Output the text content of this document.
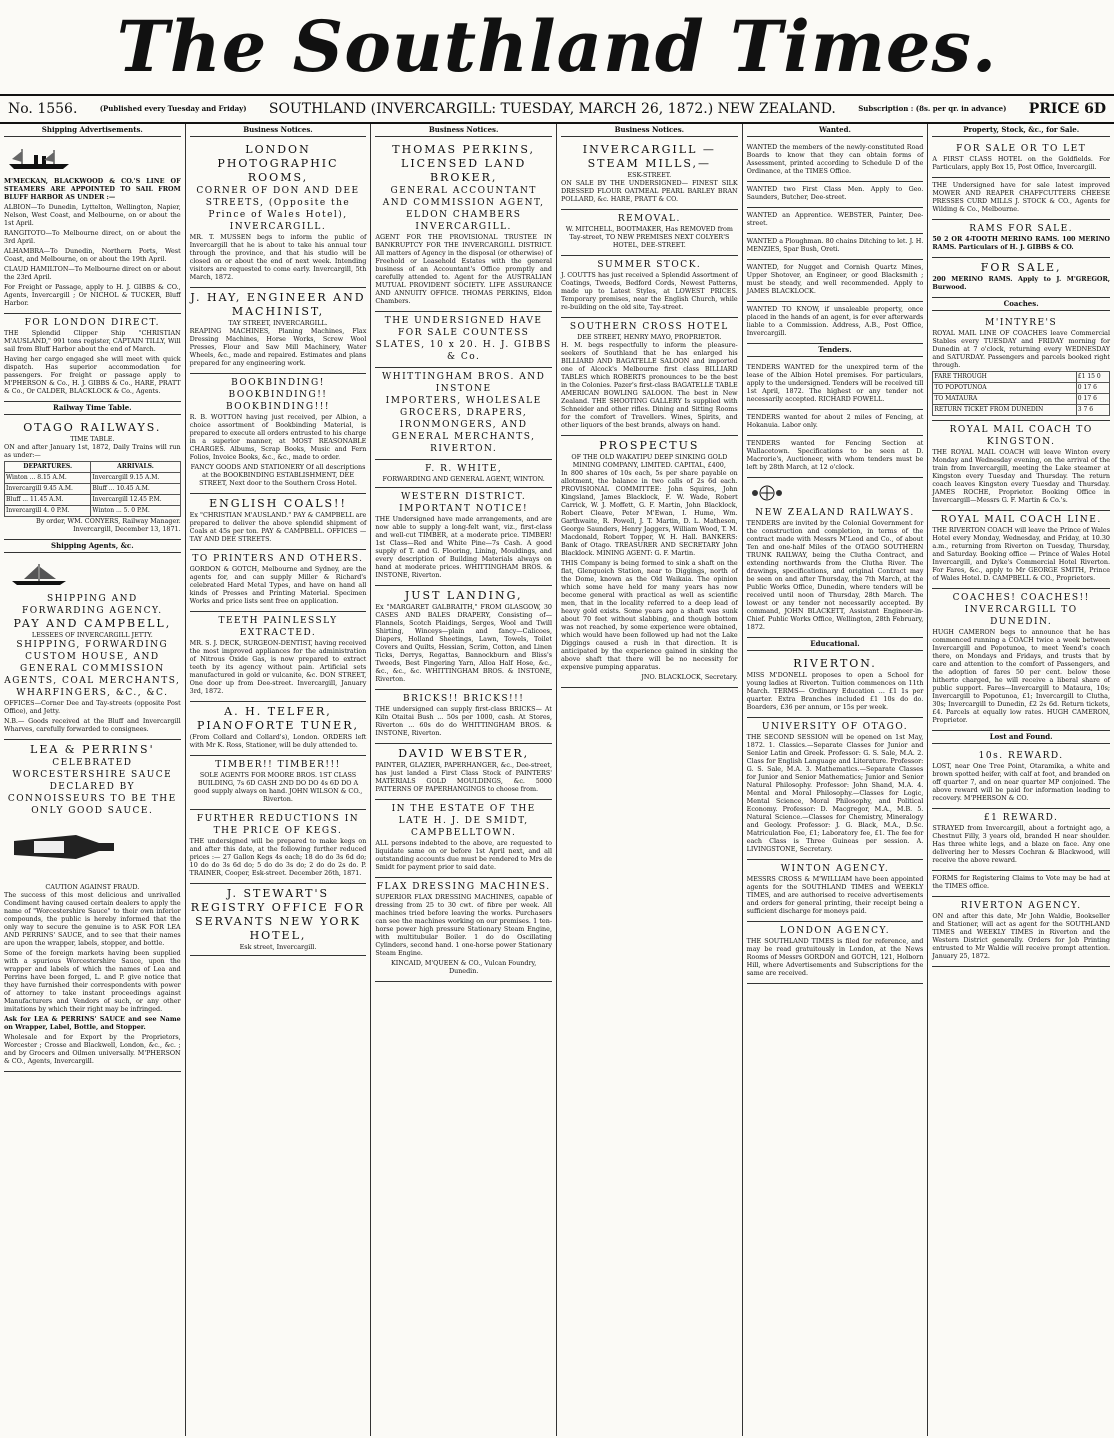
The Southland Times.
No. 1556.	(Published every Tuesday and Friday) SOUTHLAND (INVERCARGILL: TUESDAY, MARCH 26, 1872.) NEW ZEALAND.	Subscription : (8s. per qr. in advance) PRICE 6D
Shipping Advertisements.

M'MECKAN, BLACKWOOD & CO.'S LINE OF STEAMERS ARE APPOINTED TO SAIL FROM BLUFF HARBOR AS UNDER :—

ALBION—To Dunedin, Lyttelton, Wellington, Napier, Nelson, West Coast, and Melbourne, on or about the 1st April.

RANGITOTO—To Melbourne direct, on or about the 3rd April.

ALHAMBRA—To Dunedin, Northern Ports, West Coast, and Melbourne, on or about the 19th April.

CLAUD HAMILTON—To Melbourne direct on or about the 23rd April.

For Freight or Passage, apply to H. J. GIBBS & CO., Agents, Invercargill ; Or NICHOL & TUCKER, Bluff Harbor.

FOR LONDON DIRECT.

THE Splendid Clipper Ship "CHRISTIAN M'AUSLAND," 991 tons register, CAPTAIN TILLY, Will sail from Bluff Harbor about the end of March.

Having her cargo engaged she will meet with quick dispatch. Has superior accommodation for passengers. For freight or passage apply to M'PHERSON & Co., H. J. GIBBS & Co., HARE, PRATT & Co., Or CALDER, BLACKLOCK & Co., Agents.

Railway Time Table.
OTAGO RAILWAYS.
TIME TABLE.

ON and after January 1st, 1872, Daily Trains will run as under:—

DEPARTURES.	ARRIVALS.
Winton ... 8.15 A.M.	Invercargill 9.15 A.M.
Invercargill 9.45 A.M.	Bluff ... 10.45 A.M.
Bluff ... 11.45 A.M.	Invercargill 12.45 P.M.
Invercargill 4. 0 P.M.	Winton ... 5. 0 P.M.

By order, WM. CONYERS, Railway Manager. Invercargill, December 13, 1871.

Shipping Agents, &c.
SHIPPING AND FORWARDING AGENCY.
PAY AND CAMPBELL,
LESSEES OF INVERCARGILL JETTY.
SHIPPING, FORWARDING CUSTOM HOUSE, AND GENERAL COMMISSION AGENTS, COAL MERCHANTS, WHARFINGERS, &C., &C.

OFFICES—Corner Dee and Tay-streets (opposite Post Office), and Jetty.

N.B.— Goods received at the Bluff and Invercargill Wharves, carefully forwarded to consignees.

LEA & PERRINS'
CELEBRATED WORCESTERSHIRE SAUCE DECLARED BY CONNOISSEURS TO BE THE ONLY GOOD SAUCE.
CAUTION AGAINST FRAUD.

The success of this most delicious and unrivalled Condiment having caused certain dealers to apply the name of "Worcestershire Sauce" to their own inferior compounds, the public is hereby informed that the only way to secure the genuine is to ASK FOR LEA AND PERRINS' SAUCE, and to see that their names are upon the wrapper, labels, stopper, and bottle.

Some of the foreign markets having been supplied with a spurious Worcestershire Sauce, upon the wrapper and labels of which the names of Lea and Perrins have been forged, L. and P. give notice that they have furnished their correspondents with power of attorney to take instant proceedings against Manufacturers and Vendors of such, or any other imitations by which their right may be infringed.

Ask for LEA & PERRINS' SAUCE and see Name on Wrapper, Label, Bottle, and Stopper.

Wholesale and for Export by the Proprietors, Worcester ; Crosse and Blackwell, London, &c., &c. ; and by Grocers and Oilmen universally. M'PHERSON & CO., Agents, Invercargill.

Business Notices.
LONDON PHOTOGRAPHIC ROOMS,
CORNER OF DON AND DEE STREETS, (Opposite the Prince of Wales Hotel), INVERCARGILL.

MR. T. MUSSEN begs to inform the public of Invercargill that he is about to take his annual tour through the province, and that his studio will be closed on or about the end of next week. Intending visitors are requested to come early. Invercargill, 5th March, 1872.

J. HAY, ENGINEER AND MACHINIST,
TAY STREET, INVERCARGILL.

REAPING MACHINES, Planing Machines, Flax Dressing Machines, Horse Works, Screw Wool Presses, Flour and Saw Mill Machinery, Water Wheels, &c., made and repaired. Estimates and plans prepared for any engineering work.

BOOKBINDING! BOOKBINDING!! BOOKBINDING!!!

R. B. WOTTON having just received, per Albion, a choice assortment of Bookbinding Material, is prepared to execute all orders entrusted to his charge in a superior manner, at MOST REASONABLE CHARGES. Albums, Scrap Books, Music and Fern Folios, Invoice Books, &c., &c., made to order.

FANCY GOODS AND STATIONERY Of all descriptions at the BOOKBINDING ESTABLISHMENT, DEE STREET, Next door to the Southern Cross Hotel.

ENGLISH COALS!!

Ex "CHRISTIAN M'AUSLAND." PAY & CAMPBELL are prepared to deliver the above splendid shipment of Coals at 45s per ton. PAY & CAMPBELL. OFFICES — TAY AND DEE STREETS.

TO PRINTERS AND OTHERS.

GORDON & GOTCH, Melbourne and Sydney, are the agents for, and can supply Miller & Richard's celebrated Hard Metal Types, and have on hand all kinds of Presses and Printing Material. Specimen Works and price lists sent free on application.

TEETH PAINLESSLY EXTRACTED.

MR. S. J. DECK, SURGEON-DENTIST, having received the most improved appliances for the administration of Nitrous Oxide Gas, is now prepared to extract teeth by its agency without pain. Artificial sets manufactured in gold or vulcanite, &c. DON STREET, One door up from Dee-street. Invercargill, January 3rd, 1872.

A. H. TELFER, PIANOFORTE TUNER,

(From Collard and Collard's), London. ORDERS left with Mr K. Ross, Stationer, will be duly attended to.

TIMBER!! TIMBER!!!

SOLE AGENTS FOR MOORE BROS. 1ST CLASS BUILDING, 7s 6D CASH 2ND DO DO 4s 6D DO A good supply always on hand. JOHN WILSON & CO., Riverton.

FURTHER REDUCTIONS IN THE PRICE OF KEGS.

THE undersigned will be prepared to make kegs on and after this date, at the following further reduced prices :— 27 Gallon Kegs 4s each; 18 do do 3s 6d do; 10 do do 3s 6d do; 5 do do 3s do; 2 do do 2s do. P. TRAINER, Cooper, Esk-street. December 26th, 1871.

J. STEWART'S REGISTRY OFFICE FOR SERVANTS NEW YORK HOTEL,
Esk street, Invercargill.
Business Notices.
THOMAS PERKINS, LICENSED LAND BROKER,
GENERAL ACCOUNTANT AND COMMISSION AGENT, ELDON CHAMBERS INVERCARGILL.

AGENT FOR THE PROVISIONAL TRUSTEE IN BANKRUPTCY FOR THE INVERCARGILL DISTRICT. All matters of Agency in the disposal (or otherwise) of Freehold or Leasehold Estates with the general business of an Accountant's Office promptly and carefully attended to. Agent for the AUSTRALIAN MUTUAL PROVIDENT SOCIETY. LIFE ASSURANCE AND ANNUITY OFFICE. THOMAS PERKINS, Eldon Chambers.

THE UNDERSIGNED HAVE FOR SALE COUNTESS SLATES, 10 x 20. H. J. GIBBS & Co.
WHITTINGHAM BROS. AND INSTONE
IMPORTERS, WHOLESALE GROCERS, DRAPERS, IRONMONGERS, AND GENERAL MERCHANTS, RIVERTON.
F. R. WHITE,
FORWARDING AND GENERAL AGENT, WINTON.
WESTERN DISTRICT.
IMPORTANT NOTICE!

THE Undersigned have made arrangements, and are now able to supply a long-felt want, viz., first-class and well-cut TIMBER, at a moderate price. TIMBER! 1st Class—Red and White Pine—7s Cash. A good supply of T. and G. Flooring, Lining, Mouldings, and every description of Building Materials always on hand at moderate prices. WHITTINGHAM BROS. & INSTONE, Riverton.

JUST LANDING,

Ex "MARGARET GALBRAITH," FROM GLASGOW, 30 CASES AND BALES DRAPERY, Consisting of— Flannels, Scotch Plaidings, Serges, Wool and Twill Shirting, Winceys—plain and fancy—Calicoes, Diapers, Holland Sheetings, Lawn, Towels, Toilet Covers and Quilts, Hessian, Scrim, Cotton, and Linen Ticks, Derrys, Regattas, Bannockburn and Bliss's Tweeds, Best Fingering Yarn, Alloa Half Hose, &c., &c., &c., &c. WHITTINGHAM BROS. & INSTONE, Riverton.

BRICKS!! BRICKS!!!

THE undersigned can supply first-class BRICKS— At Kiln Otaitai Bush ... 50s per 1000, cash. At Stores, Riverton ... 60s do do WHITTINGHAM BROS. & INSTONE, Riverton.

DAVID WEBSTER,

PAINTER, GLAZIER, PAPERHANGER, &c., Dee-street, has just landed a First Class Stock of PAINTERS' MATERIALS GOLD MOULDINGS, &c. 5000 PATTERNS OF PAPERHANGINGS to choose from.

IN THE ESTATE OF THE LATE H. J. DE SMIDT, CAMPBELLTOWN.

ALL persons indebted to the above, are requested to liquidate same on or before 1st April next, and all outstanding accounts due must be rendered to Mrs de Smidt for payment prior to said date.

FLAX DRESSING MACHINES.

SUPERIOR FLAX DRESSING MACHINES, capable of dressing from 25 to 30 cwt. of fibre per week. All machines tried before leaving the works. Purchasers can see the machines working on our premises. 1 ten-horse power high pressure Stationary Steam Engine, with multitubular Boiler. 1 do do Oscillating Cylinders, second hand. 1 one-horse power Stationary Steam Engine.

KINCAID, M'QUEEN & CO., Vulcan Foundry, Dunedin.

Business Notices.
INVERCARGILL —STEAM MILLS,—
ESK-STREET.

ON SALE BY THE UNDERSIGNED— FINEST SILK DRESSED FLOUR OATMEAL PEARL BARLEY BRAN POLLARD, &c. HARE, PRATT & CO.

REMOVAL.

W. MITCHELL, BOOTMAKER, Has REMOVED from Tay-street, TO NEW PREMISES NEXT COLYER'S HOTEL, DEE-STREET.

SUMMER STOCK.

J. COUTTS has just received a Splendid Assortment of Coatings, Tweeds, Bedford Cords, Newest Patterns, made up to Latest Styles, at LOWEST PRICES. Temporary premises, near the English Church, while re-building on the old site, Tay-street.

SOUTHERN CROSS HOTEL
DEE STREET, HENRY MAYO, PROPRIETOR.

H. M. begs respectfully to inform the pleasure-seekers of Southland that he has enlarged his BILLIARD AND BAGATELLE SALOON and imported one of Alcock's Melbourne first class BILLIARD TABLES which ROBERTS pronounces to be the best in the Colonies. Pazer's first-class BAGATELLE TABLE AMERICAN BOWLING SALOON. The best in New Zealand. THE SHOOTING GALLERY Is supplied with Schneider and other rifles. Dining and Sitting Rooms for the comfort of Travellers. Wines, Spirits, and other liquors of the best brands, always on hand.

PROSPECTUS
OF THE OLD WAKATIPU DEEP SINKING GOLD MINING COMPANY, LIMITED. CAPITAL, £400,

In 800 shares of 10s each, 5s per share payable on allotment, the balance in two calls of 2s 6d each. PROVISIONAL COMMITTEE: John Squires, John Kingsland, James Blacklock, F. W. Wade, Robert Carrick, W. J. Moffett, G. F. Martin, John Blacklock, Robert Cleave, Peter M'Ewan, I. Hume, Wm. Garthwaite, R. Powell, J. T. Martin, D. L. Matheson, George Saunders, Henry Jaggers, William Wood, T. M. Macdonald, Robert Topper, W. H. Hall. BANKERS: Bank of Otago. TREASURER AND SECRETARY John Blacklock. MINING AGENT: G. F. Martin.

THIS Company is being formed to sink a shaft on the flat, Glenquoich Station, near to Diggings, north of the Dome, known as the Old Waikaia. The opinion which some have held for many years has now become general with practical as well as scientific men, that in the locality referred to a deep lead of heavy gold exists. Some years ago a shaft was sunk about 70 feet without slabbing, and though bottom was not reached, by some experience were obtained, which would have been followed up had not the Lake Diggings caused a rush in that direction. It is anticipated by the experience gained in sinking the above shaft that there will be no necessity for expensive pumping apparatus.

JNO. BLACKLOCK, Secretary.

Wanted.

WANTED the members of the newly-constituted Road Boards to know that they can obtain forms of Assessment, printed according to Schedule D of the Ordinance, at the TIMES Office.

WANTED two First Class Men. Apply to Geo. Saunders, Butcher, Dee-street.

WANTED an Apprentice. WEBSTER, Painter, Dee-street.

WANTED a Ploughman. 80 chains Ditching to let. J. H. MENZIES, Spar Bush, Oreti.

WANTED, for Nugget and Cornish Quartz Mines, Upper Shotover, an Engineer, or good Blacksmith ; must be steady, and well recommended. Apply to JAMES BLACKLOCK.

WANTED TO KNOW, if unsaleable property, once placed in the hands of an agent, is for ever afterwards liable to a Commission. Address, A.B., Post Office, Invercargill.

Tenders.

TENDERS WANTED for the unexpired term of the lease of the Albion Hotel premises. For particulars, apply to the undersigned. Tenders will be received till 1st April, 1872. The highest or any tender not necessarily accepted. RICHARD FOWELL.

TENDERS wanted for about 2 miles of Fencing, at Hokanuia. Labor only.

TENDERS wanted for Fencing Section at Wallacetown. Specifications to be seen at D. Macrorie's, Auctioneer, with whom tenders must be left by 28th March, at 12 o'clock.

NEW ZEALAND RAILWAYS.

TENDERS are invited by the Colonial Government for the construction and completion, in terms of the contract made with Messrs M'Leod and Co., of about Ten and one-half Miles of the OTAGO SOUTHERN TRUNK RAILWAY, being the Clutha Contract, and extending northwards from the Clutha River. The drawings, specifications, and original Contract may be seen on and after Thursday, the 7th March, at the Public Works Office, Dunedin, where tenders will be received until noon of Thursday, 28th March. The lowest or any tender not necessarily accepted. By command, JOHN BLACKETT, Assistant Engineer-in-Chief. Public Works Office, Wellington, 28th February, 1872.

Educational.
RIVERTON.

MISS M'DONELL proposes to open a School for young ladies at Riverton. Tuition commences on 11th March. TERMS— Ordinary Education ... £1 1s per quarter. Extra Branches included £1 10s do do. Boarders, £36 per annum, or 15s per week.

UNIVERSITY OF OTAGO.

THE SECOND SESSION will be opened on 1st May, 1872. 1. Classics.—Separate Classes for Junior and Senior Latin and Greek. Professor: G. S. Sale, M.A. 2. Class for English Language and Literature. Professor: G. S. Sale, M.A. 3. Mathematics.—Separate Classes for Junior and Senior Mathematics; Junior and Senior Natural Philosophy. Professor: John Shand, M.A. 4. Mental and Moral Philosophy.—Classes for Logic, Mental Science, Moral Philosophy, and Political Economy. Professor: D. Macgregor, M.A., M.B. 5. Natural Science.—Classes for Chemistry, Mineralogy and Geology. Professor: J. G. Black, M.A., D.Sc. Matriculation Fee, £1; Laboratory fee, £1. The fee for each Class is Three Guineas per session. A. LIVINGSTONE, Secretary.

WINTON AGENCY.

MESSRS CROSS & M'WILLIAM have been appointed agents for the SOUTHLAND TIMES and WEEKLY TIMES, and are authorised to receive advertisements and orders for general printing, their receipt being a sufficient discharge for moneys paid.

LONDON AGENCY.

THE SOUTHLAND TIMES is filed for reference, and may be read gratuitously in London, at the News Rooms of Messrs GORDON and GOTCH, 121, Holborn Hill, where Advertisements and Subscriptions for the same are received.

Property, Stock, &c., for Sale.
FOR SALE OR TO LET

A FIRST CLASS HOTEL on the Goldfields. For Particulars, apply Box 15, Post Office, Invercargill.

THE Undersigned have for sale latest improved MOWER AND REAPER CHAFFCUTTERS CHEESE PRESSES CURD MILLS J. STOCK & CO., Agents for Wilding & Co., Melbourne.

RAMS FOR SALE.

50 2 OR 4-TOOTH MERINO RAMS. 100 MERINO RAMS. Particulars of H. J. GIBBS & CO.

FOR SALE,

200 MERINO RAMS. Apply to J. M'GREGOR, Burwood.

Coaches.
M'INTYRE'S

ROYAL MAIL LINE OF COACHES leave Commercial Stables every TUESDAY and FRIDAY morning for Dunedin at 7 o'clock, returning every WEDNESDAY and SATURDAY. Passengers and parcels booked right through.

FARE THROUGH	£1 15 0
TO POPOTUNOA	0 17 6
TO MATAURA	0 17 6
RETURN TICKET FROM DUNEDIN	3 7 6
ROYAL MAIL COACH TO KINGSTON.

THE ROYAL MAIL COACH will leave Winton every Monday and Wednesday evening, on the arrival of the train from Invercargill, meeting the Lake steamer at Kingston every Tuesday and Thursday. The return coach leaves Kingston every Tuesday and Thursday. JAMES ROCHE, Proprietor. Booking Office in Invercargill—Messrs G. F. Martin & Co.'s.

ROYAL MAIL COACH LINE.

THE RIVERTON COACH will leave the Prince of Wales Hotel every Monday, Wednesday, and Friday, at 10.30 a.m., returning from Riverton on Tuesday, Thursday, and Saturday. Booking office — Prince of Wales Hotel Invercargill, and Dyke's Commercial Hotel Riverton. For Fares, &c., apply to Mr GEORGE SMITH, Prince of Wales Hotel. D. CAMPBELL & CO., Proprietors.

COACHES! COACHES!!
INVERCARGILL TO DUNEDIN.

HUGH CAMERON begs to announce that he has commenced running a COACH twice a week between Invercargill and Popotunoa, to meet Yeend's coach there, on Mondays and Fridays, and trusts that by care and attention to the comfort of Passengers, and the adoption of fares 50 per cent. below those hitherto charged, he will receive a liberal share of public support. Fares—Invercargill to Mataura, 10s; Invercargill to Popotunoa, £1; Invercargill to Clutha, 30s; Invercargill to Dunedin, £2 2s 6d. Return tickets, £4. Parcels at equally low rates. HUGH CAMERON, Proprietor.

Lost and Found.
10s. REWARD.

LOST, near One Tree Point, Otaramika, a white and brown spotted heifer, with calf at foot, and branded on off quarter 7, and on near quarter MP conjoined. The above reward will be paid for information leading to recovery. M'PHERSON & CO.

£1 REWARD.

STRAYED from Invercargill, about a fortnight ago, a Chestnut Filly, 3 years old, branded H near shoulder. Has three white legs, and a blaze on face. Any one delivering her to Messrs Cochran & Blackwood, will receive the above reward.

FORMS for Registering Claims to Vote may be had at the TIMES office.

RIVERTON AGENCY.

ON and after this date, Mr John Waldie, Bookseller and Stationer, will act as agent for the SOUTHLAND TIMES and WEEKLY TIMES in Riverton and the Western District generally. Orders for Job Printing entrusted to Mr Waldie will receive prompt attention. January 25, 1872.
